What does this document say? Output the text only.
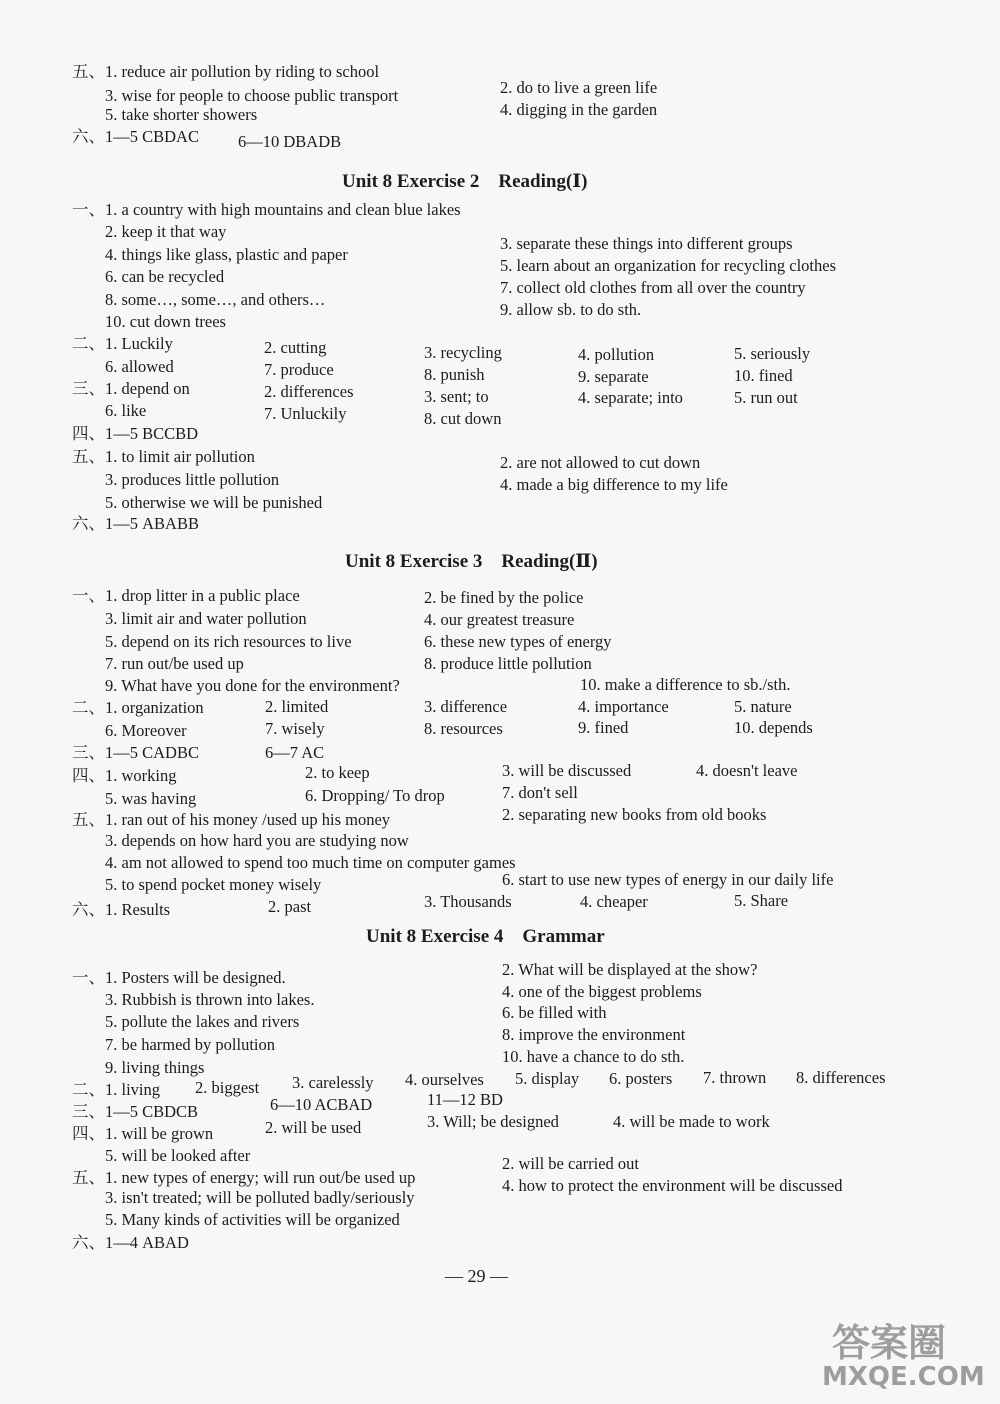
五、1. reduce air pollution by riding to school
2. do to live a green life
3. wise for people to choose public transport
4. digging in the garden
5. take shorter showers
六、1—5 CBDAC 6—10 DBADB
Unit 8 Exercise 2　Reading(Ⅰ)
一、1. a country with high mountains and clean blue lakes
2. keep it that way
4. things like glass, plastic and paper
3. separate these things into different groups
6. can be recycled
5. learn about an organization for recycling clothes
8. some…, some…, and others…
7. collect old clothes from all over the country
9. allow sb. to do sth.
10. cut down trees
二、1. Luckily	2. cutting	3. recycling	4. pollution	5. seriously
6. allowed	7. produce	8. punish	9. separate	10. fined
三、1. depend on	2. differences	3. sent; to	4. separate; into	5. run out
6. like	7. Unluckily	8. cut down
四、1—5 BCCBD
五、1. to limit air pollution	2. are not allowed to cut down
3. produces little pollution	4. made a big difference to my life
5. otherwise we will be punished
六、1—5 ABABB
Unit 8 Exercise 3　Reading(Ⅱ)
一、1. drop litter in a public place	2. be fined by the police
3. limit air and water pollution	4. our greatest treasure
5. depend on its rich resources to live	6. these new types of energy
7. run out/be used up	8. produce little pollution
9. What have you done for the environment?	10. make a difference to sb./sth.
二、1. organization	2. limited	3. difference	4. importance	5. nature
6. Moreover	7. wisely	8. resources	9. fined	10. depends
三、1—5 CADBC	6—7 AC
四、1. working	2. to keep	3. will be discussed	4. doesn't leave
5. was having	6. Dropping/ To drop	7. don't sell
五、1. ran out of his money /used up his money	2. separating new books from old books
3. depends on how hard you are studying now
4. am not allowed to spend too much time on computer games
5. to spend pocket money wisely	6. start to use new types of energy in our daily life
六、1. Results	2. past	3. Thousands	4. cheaper	5. Share
Unit 8 Exercise 4　Grammar
一、1. Posters will be designed.	2. What will be displayed at the show?
3. Rubbish is thrown into lakes.	4. one of the biggest problems
5. pollute the lakes and rivers	6. be filled with
7. be harmed by pollution
8. improve the environment
9. living things
10. have a chance to do sth.
二、1. living 2. biggest 3. carelessly 4. ourselves 5. display 6. posters 7. thrown 8. differences
三、1—5 CBDCB	6—10 ACBAD	11—12 BD
四、1. will be grown	2. will be used	3. Will; be designed	4. will be made to work
5. will be looked after
五、1. new types of energy; will run out/be used up
2. will be carried out
3. isn't treated; will be polluted badly/seriously
4. how to protect the environment will be discussed
5. Many kinds of activities will be organized
六、1—4 ABAD
— 29 —
答案圈
MXQE.COM
